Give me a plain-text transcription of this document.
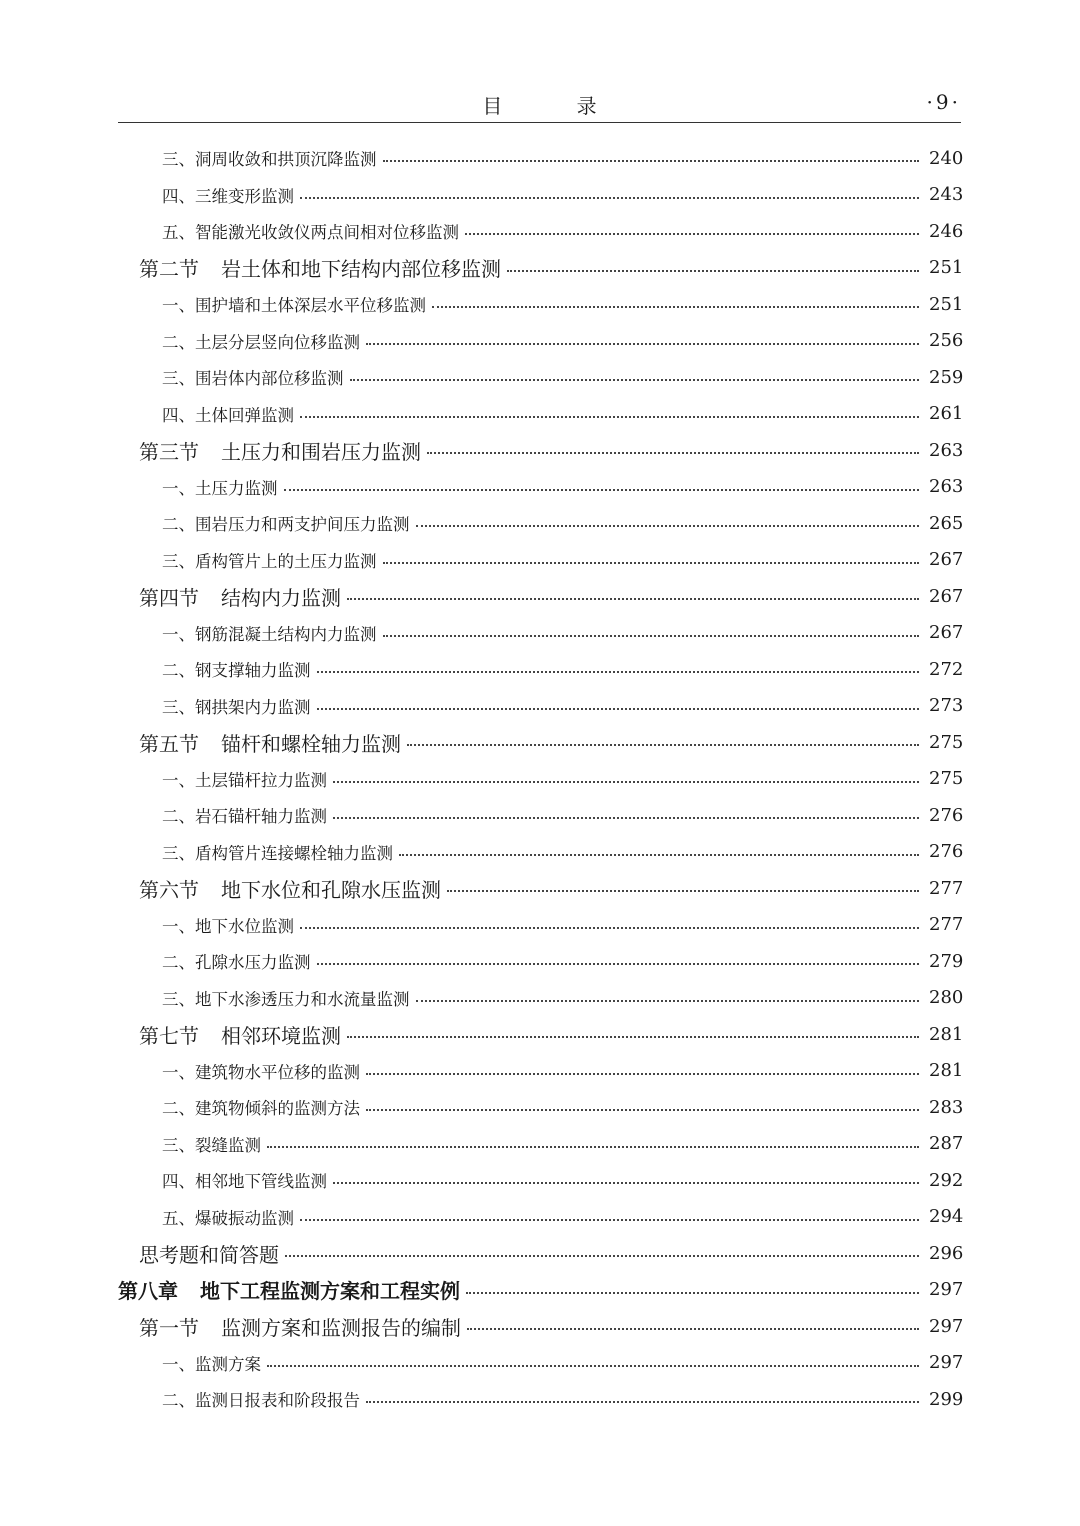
目 录	·9·
三、洞周收敛和拱顶沉降监测	240
四、三维变形监测	243
五、智能激光收敛仪两点间相对位移监测	246
第二节 岩土体和地下结构内部位移监测	251
一、围护墙和土体深层水平位移监测	251
二、土层分层竖向位移监测	256
三、围岩体内部位移监测	259
四、土体回弹监测	261
第三节 土压力和围岩压力监测	263
一、土压力监测	263
二、围岩压力和两支护间压力监测	265
三、盾构管片上的土压力监测	267
第四节 结构内力监测	267
一、钢筋混凝土结构内力监测	267
二、钢支撑轴力监测	272
三、钢拱架内力监测	273
第五节 锚杆和螺栓轴力监测	275
一、土层锚杆拉力监测	275
二、岩石锚杆轴力监测	276
三、盾构管片连接螺栓轴力监测	276
第六节 地下水位和孔隙水压监测	277
一、地下水位监测	277
二、孔隙水压力监测	279
三、地下水渗透压力和水流量监测	280
第七节 相邻环境监测	281
一、建筑物水平位移的监测	281
二、建筑物倾斜的监测方法	283
三、裂缝监测	287
四、相邻地下管线监测	292
五、爆破振动监测	294
思考题和简答题	296
第八章 地下工程监测方案和工程实例	297
第一节 监测方案和监测报告的编制	297
一、监测方案	297
二、监测日报表和阶段报告	299
